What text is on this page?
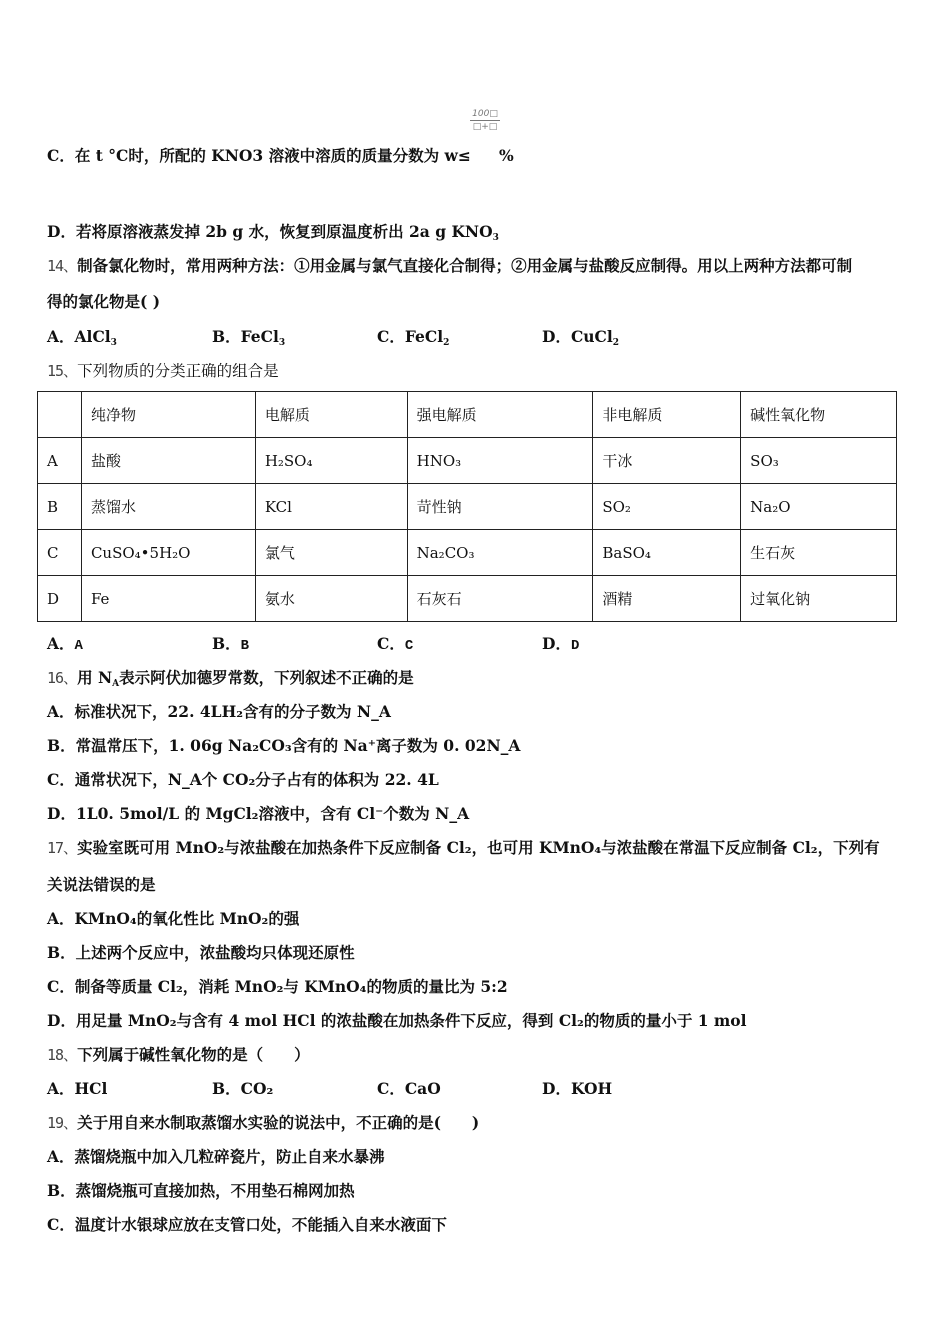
100□
□+□
C．在 t °C时，所配的 KNO3 溶液中溶质的质量分数为 w≤ %
D．若将原溶液蒸发掉 2b g 水，恢复到原温度析出 2a g $KNO_3$
14、制备氯化物时，常用两种方法：①用金属与氯气直接化合制得；②用金属与盐酸反应制得。用以上两种方法都可制
得的氯化物是( )
A．AlCl$_3$	B．FeCl$_3$	C．FeCl$_2$	D．CuCl$_2$
15、下列物质的分类正确的组合是
	纯净物	电解质	强电解质	非电解质	碱性氧化物
A	盐酸	H₂SO₄	HNO₃	干冰	SO₃
B	蒸馏水	KCl	苛性钠	SO₂	Na₂O
C	CuSO₄•5H₂O	氯气	Na₂CO₃	BaSO₄	生石灰
D	Fe	氨水	石灰石	酒精	过氧化钠
A．A	B．B	C．C	D．D
16、用 $N_A$表示阿伏加德罗常数，下列叙述不正确的是
A．标准状况下，22. 4LH₂含有的分子数为 N_A
B．常温常压下，1. 06g Na₂CO₃含有的 Na⁺离子数为 0. 02N_A
C．通常状况下，N_A个 CO₂分子占有的体积为 22. 4L
D．1L0. 5mol/L 的 MgCl₂溶液中，含有 Cl⁻个数为 N_A
17、实验室既可用 MnO₂与浓盐酸在加热条件下反应制备 Cl₂，也可用 KMnO₄与浓盐酸在常温下反应制备 Cl₂，下列有
关说法错误的是
A．KMnO₄的氧化性比 MnO₂的强
B．上述两个反应中，浓盐酸均只体现还原性
C．制备等质量 Cl₂，消耗 MnO₂与 KMnO₄的物质的量比为 5:2
D．用足量 MnO₂与含有 4 mol HCl 的浓盐酸在加热条件下反应，得到 Cl₂的物质的量小于 1 mol
18、下列属于碱性氧化物的是（　　）
A．HCl	B．CO₂	C．CaO	D．KOH
19、关于用自来水制取蒸馏水实验的说法中，不正确的是(　　)
A．蒸馏烧瓶中加入几粒碎瓷片，防止自来水暴沸
B．蒸馏烧瓶可直接加热，不用垫石棉网加热
C．温度计水银球应放在支管口处，不能插入自来水液面下
